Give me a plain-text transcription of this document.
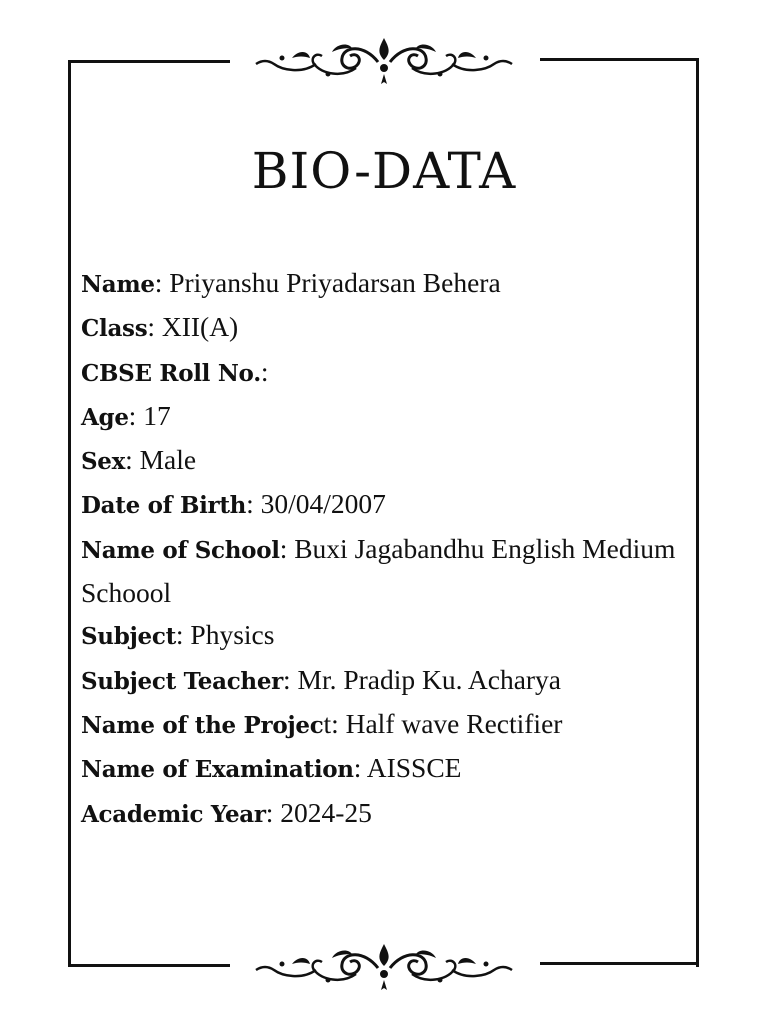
BIO-DATA

Name: Priyanshu Priyadarsan Behera

Class: XII(A)

CBSE Roll No.:

Age: 17

Sex: Male

Date of Birth: 30/04/2007

Name of School: Buxi Jagabandhu English Medium Schoool

Subject: Physics

Subject Teacher: Mr. Pradip Ku. Acharya

Name of the Project: Half wave Rectifier

Name of Examination: AISSCE

Academic Year: 2024-25
